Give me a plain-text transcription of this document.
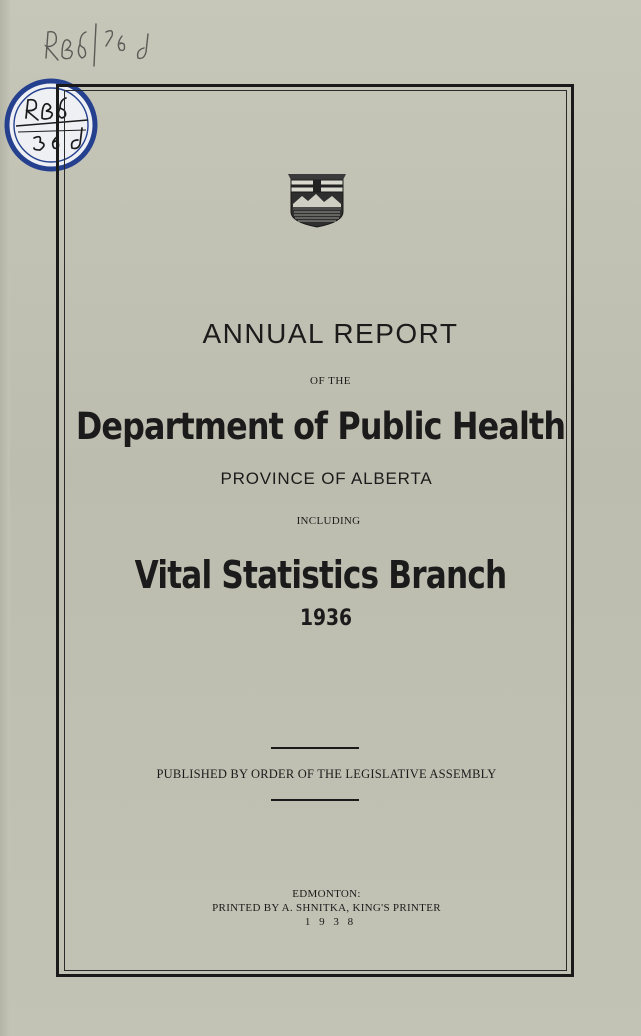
ANNUAL REPORT
OF THE
Department of Public Health
PROVINCE OF ALBERTA
INCLUDING
Vital Statistics Branch
1936
PUBLISHED BY ORDER OF THE LEGISLATIVE ASSEMBLY
EDMONTON:
PRINTED BY A. SHNITKA, KING'S PRINTER
1 9 3 8
